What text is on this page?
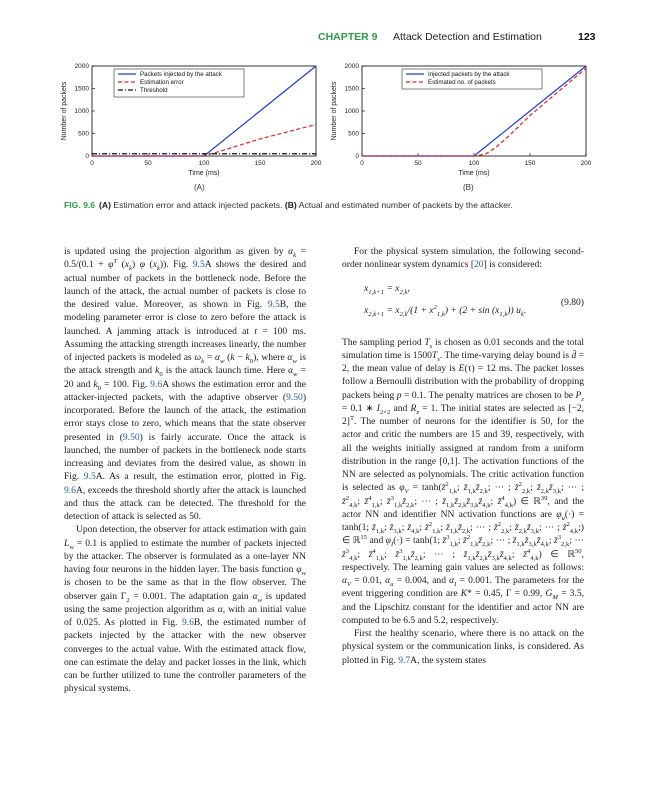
CHAPTER 9 Attack Detection and Estimation	123
0	50	100	150	200
0
500
1000
1500
2000
Time (ms)
Number of packets
Packets injected by the attack
Estimation error
Threshold
0	50	100	150	200
0
500
1000
1500
2000
Time (ms)
Number of packets
Injected packets by the attack
Estimated no. of packets
(A)	(B)
FIG. 9.6 (A) Estimation error and attack injected packets. (B) Actual and estimated number of packets by the attacker.

is updated using the projection algorithm as given by $\alpha_k = 0.5/(0.1 + \varphi^T$ $(x_k)$ φ $(x_k)$). Fig. 9.5A shows the desired and actual number of packets in the bottleneck node. Before the launch of the attack, the actual number of packets is close to the desired value. Moreover, as shown in Fig. 9.5B, the modeling parameter error is close to zero before the attack is launched. A jamming attack is introduced at t = 100 ms. Assuming the attacking strength increases linearly, the number of injected packets is modeled as $\omega_k = \alpha_w$ $(k - k_0)$, where $\alpha_w$ is the attack strength and $k_0$ is the attack launch time. Here $\alpha_w = 20$ and $k_0 = 100$. Fig. 9.6A shows the estimation error and the attacker-injected packets, with the adaptive observer (9.50) incorporated. Before the launch of the attack, the estimation error stays close to zero, which means that the state observer presented in (9.50) is fairly accurate. Once the attack is launched, the number of packets in the bottleneck node starts increasing and deviates from the desired value, as shown in Fig. 9.5A. As a result, the estimation error, plotted in Fig. 9.6A, exceeds the threshold shortly after the attack is launched and thus the attack can be detected. The threshold for the detection of attack is selected as 50.

Upon detection, the observer for attack estimation with gain $L_w = 0.1$ is applied to estimate the number of packets injected by the attacker. The observer is formulated as a one-layer NN having four neurons in the hidden layer. The basis function $\varphi_w$ is chosen to be the same as that in the flow observer. The observer gain $\Gamma_2 = 0.001$. The adaptation gain $\alpha_w$ is updated using the same projection algorithm as α, with an initial value of 0.025. As plotted in Fig. 9.6B, the estimated number of packets injected by the attacker with the new observer converges to the actual value. With the estimated attack flow, one can estimate the delay and packet losses in the link, which can be further utilized to tune the controller parameters of the physical systems.

For the physical system simulation, the following second-order nonlinear system dynamics [20] is considered:

$x_{1,k+1} = x_{2,k}$,
$x_{2,k+1} = x_{2,k}/(1 + x^2_{1,k}) + (2 + \sin (x_{1,k}))$ $u_k$.
(9.80)

The sampling period $T_s$ is chosen as 0.01 seconds and the total simulation time is $1500T_s$. The time-varying delay bound is d̄ = 2, the mean value of delay is E(τ) = 12 ms. The packet losses follow a Bernoulli distribution with the probability of dropping packets being p = 0.1. The penalty matrices are chosen to be $P_z = 0.1$ ∗ $I_{2\times 2}$ and $R_z = 1$. The initial states are selected as [−2, 2]$^T$. The number of neurons for the identifier is 50, for the actor and critic the numbers are 15 and 39, respectively, with all the weights initially assigned at random from a uniform distribution in the range [0,1]. The activation functions of the NN are selected as polynomials. The critic activation function is selected as $\varphi_V$ = tanh(z̄$^2_{1,k}$; $z̄_{1,k}z̄_{2,k}$; ⋯ ; z̄$^2_{2,k}$; $z̄_{2,k}z̄_{3,k}$; ⋯ ; z̄$^2_{4,k}$; z̄$^4_{1,k}$; $z̄^3_{1,k}z̄_{2,k}$; ⋯ ; $z̄_{1,k}z̄_{2,k}z̄_{3,k}z̄_{4,k}$; z̄$^4_{4,k}$) ∈ ℝ$^{39}$, and the actor NN and identifier NN activation functions are $\varphi_u(\cdot) = \tanh(1$; $z̄_{1,k}$; $z̄_{3,k}$; $z̄_{4,k}$; z̄$^2_{1,k}$; $z̄_{1,k}z̄_{2,k}$; ⋯ ; z̄$^2_{2,k}$; $z̄_{2,k}z̄_{3,k}$; ⋯ ; z̄$^2_{4,k}$;) ∈ ℝ$^{15}$ and $\varphi_I(\cdot) = \tanh(1$; z̄$^3_{1,k}$; $z̄^2_{1,k}z̄_{2,k}$; ⋯ ; $z̄_{1,k}z̄_{3,k}z̄_{4,k}$; z̄$^3_{2,k}$; ⋯ z̄$^3_{4,k}$; z̄$^4_{1,k}$; $z̄^3_{1,k}z̄_{2,k}$; ⋯ ; $z̄_{1,k}z̄_{2,k}z̄_{3,k}z̄_{4,k}$; z̄$^4_{4,k}$) ∈ ℝ$^{50}$, respectively. The learning gain values are selected as follows: $\alpha_V = 0.01$, $\alpha_u = 0.004$, and $\alpha_I = 0.001$. The parameters for the event triggering condition are K* = 0.45, Γ = 0.99, $G_M = 3.5$, and the Lipschitz constant for the identifier and actor NN are computed to be 6.5 and 5.2, respectively.

First the healthy scenario, where there is no attack on the physical system or the communication links, is considered. As plotted in Fig. 9.7A, the system states
